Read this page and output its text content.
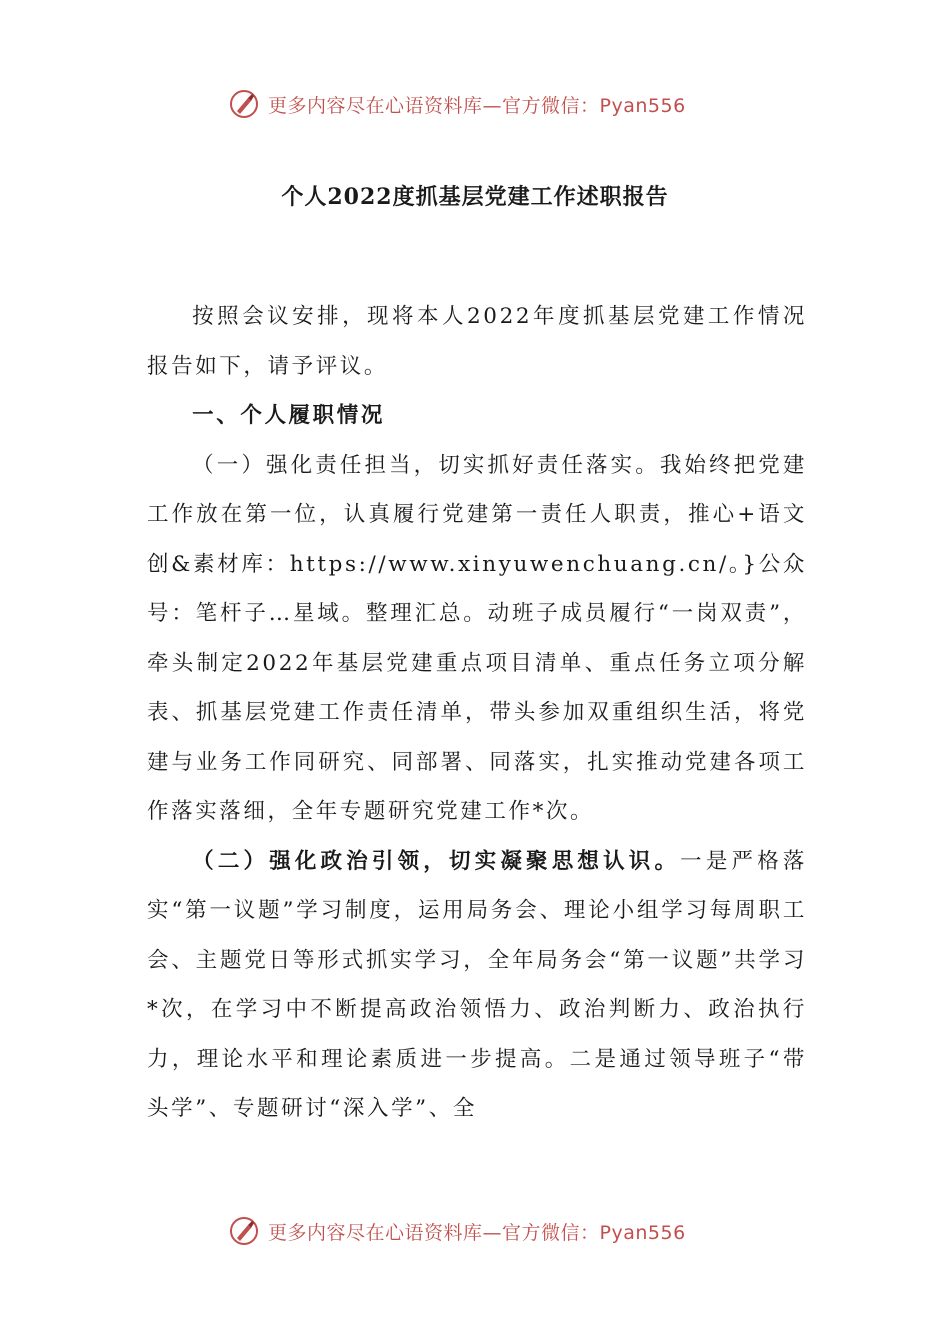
更多内容尽在心语资料库—官方微信：Pyan556
个人2022度抓基层党建工作述职报告

按照会议安排，现将本人2022年度抓基层党建工作情况报告如下，请予评议。

一、个人履职情况

（一）强化责任担当，切实抓好责任落实。我始终把党建工作放在第一位，认真履行党建第一责任人职责，推心+语文创&素材库：https://www.xinyuwenchuang.cn/。}公众号：笔杆子…星域。整理汇总。动班子成员履行“一岗双责”，牵头制定2022年基层党建重点项目清单、重点任务立项分解表、抓基层党建工作责任清单，带头参加双重组织生活，将党建与业务工作同研究、同部署、同落实，扎实推动党建各项工作落实落细，全年专题研究党建工作*次。

（二）强化政治引领，切实凝聚思想认识。一是严格落实“第一议题”学习制度，运用局务会、理论小组学习每周职工会、主题党日等形式抓实学习，全年局务会“第一议题”共学习*次，在学习中不断提高政治领悟力、政治判断力、政治执行力，理论水平和理论素质进一步提高。二是通过领导班子“带头学”、专题研讨“深入学”、全

更多内容尽在心语资料库—官方微信：Pyan556
